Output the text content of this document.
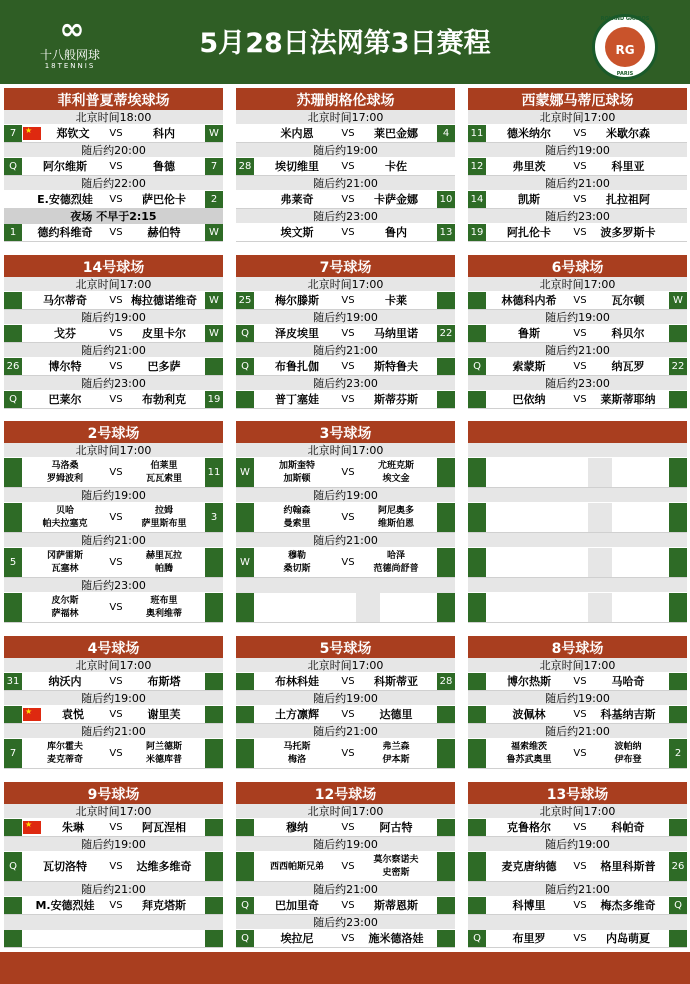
∞
十八般网球
18TENNIS
5月28日法网第3日赛程
ROLAND GARROS
RG
PARIS
菲利普夏蒂埃球场
北京时间18:00
7
★	郑钦文	VS	科内	W
随后约20:00
Q	阿尔维斯	VS	鲁德	7
随后约22:00
E.安德烈娃	VS	萨巴伦卡	2
夜场 不早于2:15
1	德约科维奇	VS	赫伯特	W
苏珊朗格伦球场
北京时间17:00
米内恩	VS	莱巴金娜	4
随后约19:00
28	埃切维里	VS	卡佐
随后约21:00
弗莱奇	VS	卡萨金娜	10
随后约23:00
埃文斯	VS	鲁内	13
西蒙娜马蒂厄球场
北京时间17:00
11	德米纳尔	VS	米歇尔森
随后约19:00
12	弗里茨	VS	科里亚
随后约21:00
14	凯斯	VS	扎拉祖阿
随后约23:00
19	阿扎伦卡	VS	波多罗斯卡
14号球场
北京时间17:00
马尔蒂奇	VS 梅拉德诺维奇	W
随后约19:00
戈芬	VS	皮里卡尔	W
随后约21:00
26	博尔特	VS	巴多萨
随后约23:00
Q	巴莱尔	VS	布勃利克	19
7号球场
北京时间17:00
25	梅尔滕斯	VS	卡莱
随后约19:00
Q	泽皮埃里	VS	马纳里诺	22
随后约21:00
Q	布鲁扎伽	VS	斯特鲁夫
随后约23:00
普丁塞娃	VS	斯蒂芬斯
6号球场
北京时间17:00
林德科内希	VS	瓦尔顿	W
随后约19:00
鲁斯	VS	科贝尔
随后约21:00
Q	索蒙斯	VS	纳瓦罗	22
随后约23:00
巴依纳	VS	莱斯蒂耶纳
2号球场
北京时间17:00
马洛桑
罗姆波利
VS
伯莱里
瓦瓦索里
11
随后约19:00
贝哈
帕夫拉塞克
VS
拉姆
萨里斯布里
3
随后约21:00
5
冈萨雷斯
瓦塞林
VS
赫里瓦拉
帕腾
随后约23:00
皮尔斯
萨福林
VS
班布里
奥利维蒂
3号球场
北京时间17:00
W
加斯奎特
加斯顿
VS
尤班克斯
埃文金
随后约19:00
约翰森
曼索里
VS
阿尼奥多
维斯伯恩
随后约21:00
W
穆勒
桑切斯
VS
哈泽
范德尚舒普
4号球场
北京时间17:00
31	纳沃内	VS	布斯塔
随后约19:00
★
袁悦	VS	谢里芙
随后约21:00
7
库尔霍夫
麦克蒂奇
VS
阿兰德斯
米德库普
5号球场
北京时间17:00
布林科娃	VS	科斯蒂亚	28
随后约19:00
土方凛辉	VS	达德里
随后约21:00
马托斯
梅洛
VS
弗兰森
伊本斯
8号球场
北京时间17:00
博尔热斯	VS	马哈奇
随后约19:00
波佩林	VS	科基纳吉斯
随后约21:00
福索维茨
鲁苏武奥里
VS
波帕纳
伊布登
2
9号球场
北京时间17:00
★
朱琳	VS	阿瓦涅相
随后约19:00
Q	瓦切洛特	VS	达维多维奇
随后约21:00
M.安德烈娃	VS	拜克塔斯
12号球场
北京时间17:00
穆纳	VS	阿古特
随后约19:00
西西帕斯兄弟	VS
莫尔察诺夫
史密斯
随后约21:00
Q	巴加里奇	VS	斯蒂恩斯
随后约23:00
Q	埃拉尼	VS	施米德洛娃
13号球场
北京时间17:00
克鲁格尔	VS	科帕奇
随后约19:00
麦克唐纳德	VS	格里科斯普	26
随后约21:00
科博里	VS	梅杰多维奇	Q
Q	布里罗	VS	内岛萌夏
